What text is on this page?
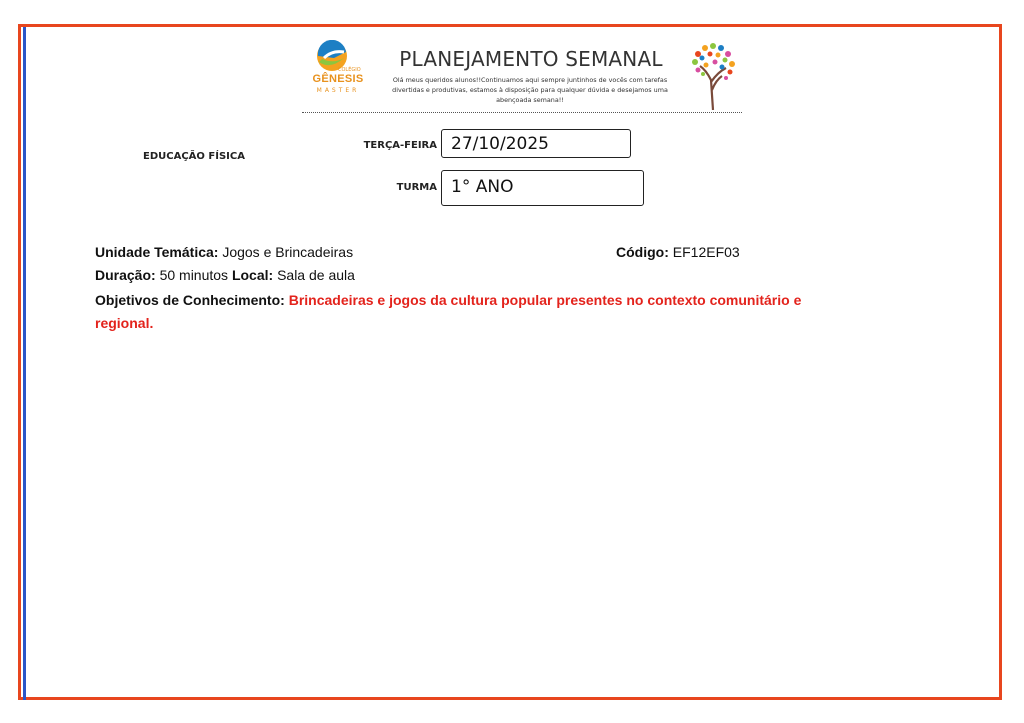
COLÉGIO
GÊNESIS
MASTER
PLANEJAMENTO SEMANAL
Olá meus queridos alunos!!Continuamos aqui sempre juntinhos de vocês com tarefas divertidas e produtivas, estamos à disposição para qualquer dúvida e desejamos uma abençoada semana!!
EDUCAÇÃO FÍSICA
TERÇA-FEIRA 27/10/2025
TURMA 1° ANO
Unidade Temática: Jogos e Brincadeiras	Código: EF12EF03
Duração: 50 minutos Local: Sala de aula
Objetivos de Conhecimento: Brincadeiras e jogos da cultura popular presentes no contexto comunitário e regional.
